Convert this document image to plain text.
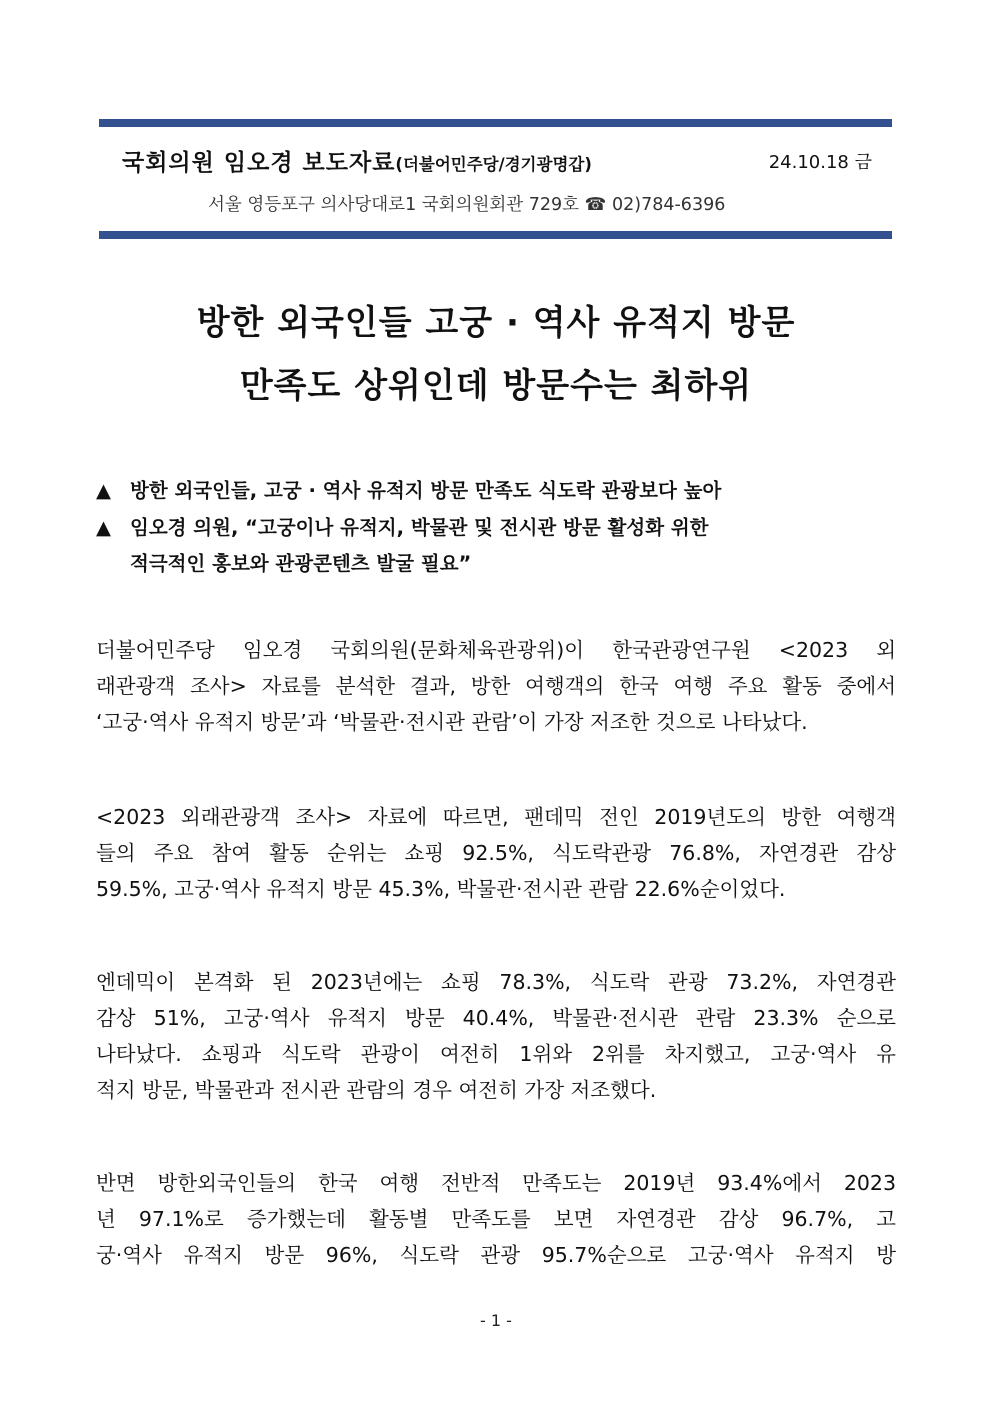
국회의원 임오경 보도자료(더불어민주당/경기광명갑)	24.10.18 금
서울 영등포구 의사당대로1 국회의원회관 729호 ☎ 02)784-6396
방한 외국인들 고궁 · 역사 유적지 방문
만족도 상위인데 방문수는 최하위
▲ 방한 외국인들, 고궁 · 역사 유적지 방문 만족도 식도락 관광보다 높아
▲ 임오경 의원, “고궁이나 유적지, 박물관 및 전시관 방문 활성화 위한
적극적인 홍보와 관광콘텐츠 발굴 필요”
더불어민주당 임오경 국회의원(문화체육관광위)이 한국관광연구원 <2023 외
래관광객 조사> 자료를 분석한 결과, 방한 여행객의 한국 여행 주요 활동 중에서
‘고궁·역사 유적지 방문’과 ‘박물관·전시관 관람’이 가장 저조한 것으로 나타났다.
<2023 외래관광객 조사> 자료에 따르면, 팬데믹 전인 2019년도의 방한 여행객
들의 주요 참여 활동 순위는 쇼핑 92.5%, 식도락관광 76.8%, 자연경관 감상
59.5%, 고궁·역사 유적지 방문 45.3%, 박물관·전시관 관람 22.6%순이었다.
엔데믹이 본격화 된 2023년에는 쇼핑 78.3%, 식도락 관광 73.2%, 자연경관
감상 51%, 고궁·역사 유적지 방문 40.4%, 박물관·전시관 관람 23.3% 순으로
나타났다. 쇼핑과 식도락 관광이 여전히 1위와 2위를 차지했고, 고궁·역사 유
적지 방문, 박물관과 전시관 관람의 경우 여전히 가장 저조했다.
반면 방한외국인들의 한국 여행 전반적 만족도는 2019년 93.4%에서 2023
년 97.1%로 증가했는데 활동별 만족도를 보면 자연경관 감상 96.7%, 고
궁·역사 유적지 방문 96%, 식도락 관광 95.7%순으로 고궁·역사 유적지 방
- 1 -
